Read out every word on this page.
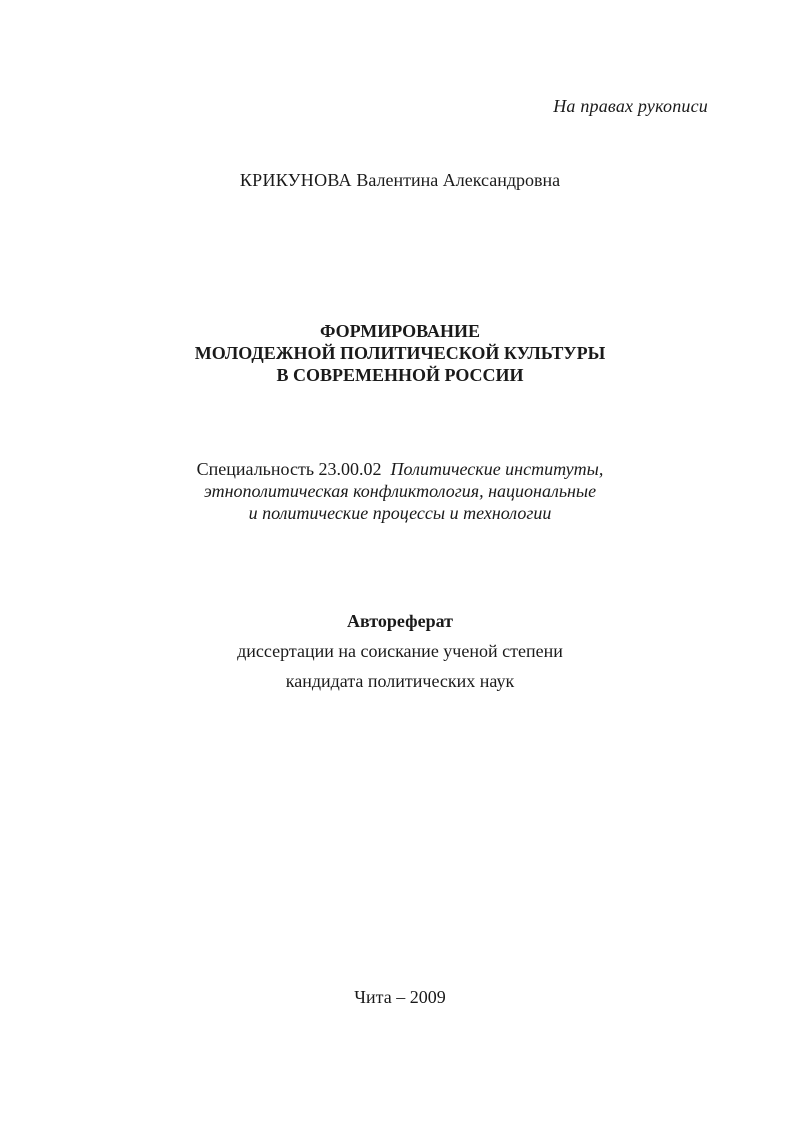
На правах рукописи
КРИКУНОВА Валентина Александровна
ФОРМИРОВАНИЕ
МОЛОДЕЖНОЙ ПОЛИТИЧЕСКОЙ КУЛЬТУРЫ
В СОВРЕМЕННОЙ РОССИИ
Специальность 23.00.02 Политические институты,
этнополитическая конфликтология, национальные
и политические процессы и технологии
Автореферат
диссертации на соискание ученой степени
кандидата политических наук
Чита – 2009
